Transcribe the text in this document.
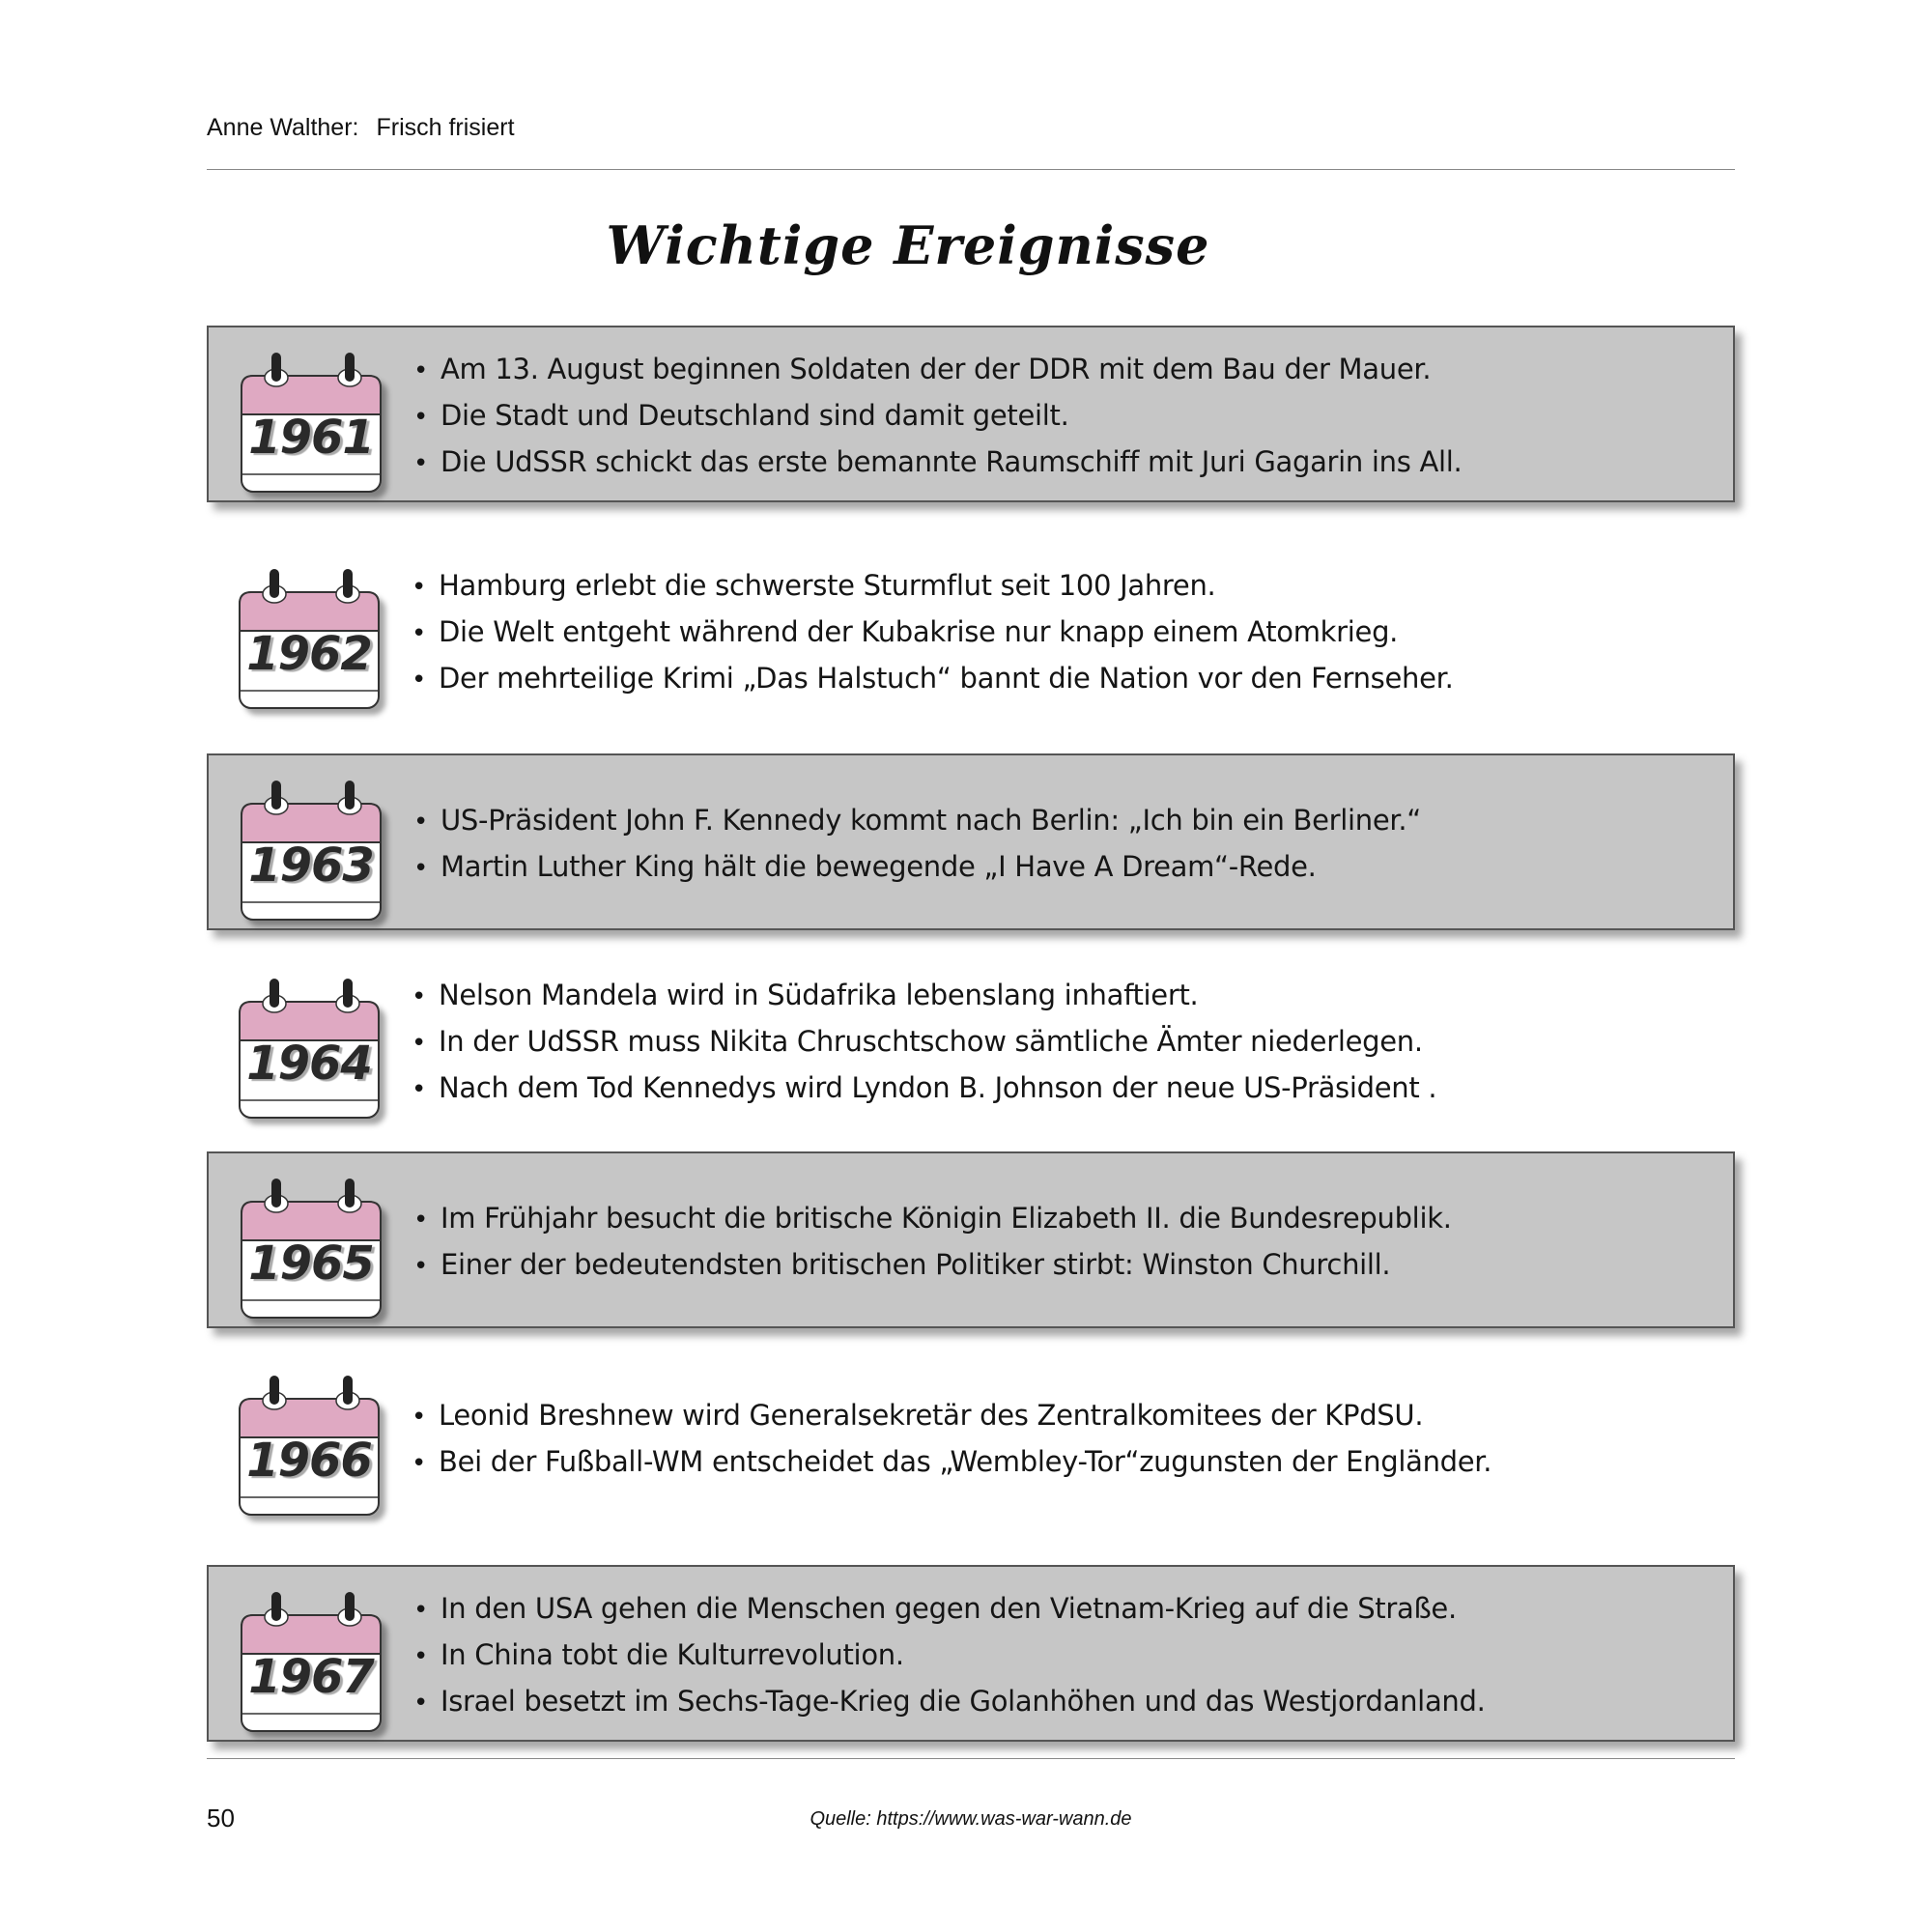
Anne Walther: Frisch frisiert
Wichtige Ereignisse
1961
• Am 13. August beginnen Soldaten der der DDR mit dem Bau der Mauer.
• Die Stadt und Deutschland sind damit geteilt.
• Die UdSSR schickt das erste bemannte Raumschiff mit Juri Gagarin ins All.
1962
• Hamburg erlebt die schwerste Sturmflut seit 100 Jahren.
• Die Welt entgeht während der Kubakrise nur knapp einem Atomkrieg.
• Der mehrteilige Krimi „Das Halstuch“ bannt die Nation vor den Fernseher.
1963
• US-Präsident John F. Kennedy kommt nach Berlin: „Ich bin ein Berliner.“
• Martin Luther King hält die bewegende „I Have A Dream“-Rede.
1964
• Nelson Mandela wird in Südafrika lebenslang inhaftiert.
• In der UdSSR muss Nikita Chruschtschow sämtliche Ämter niederlegen.
• Nach dem Tod Kennedys wird Lyndon B. Johnson der neue US-Präsident .
1965
• Im Frühjahr besucht die britische Königin Elizabeth II. die Bundesrepublik.
• Einer der bedeutendsten britischen Politiker stirbt: Winston Churchill.
1966
• Leonid Breshnew wird Generalsekretär des Zentralkomitees der KPdSU.
• Bei der Fußball-WM entscheidet das „Wembley-Tor“zugunsten der Engländer.
1967
• In den USA gehen die Menschen gegen den Vietnam-Krieg auf die Straße.
• In China tobt die Kulturrevolution.
• Israel besetzt im Sechs-Tage-Krieg die Golanhöhen und das Westjordanland.
50	Quelle: https://www.was-war-wann.de
